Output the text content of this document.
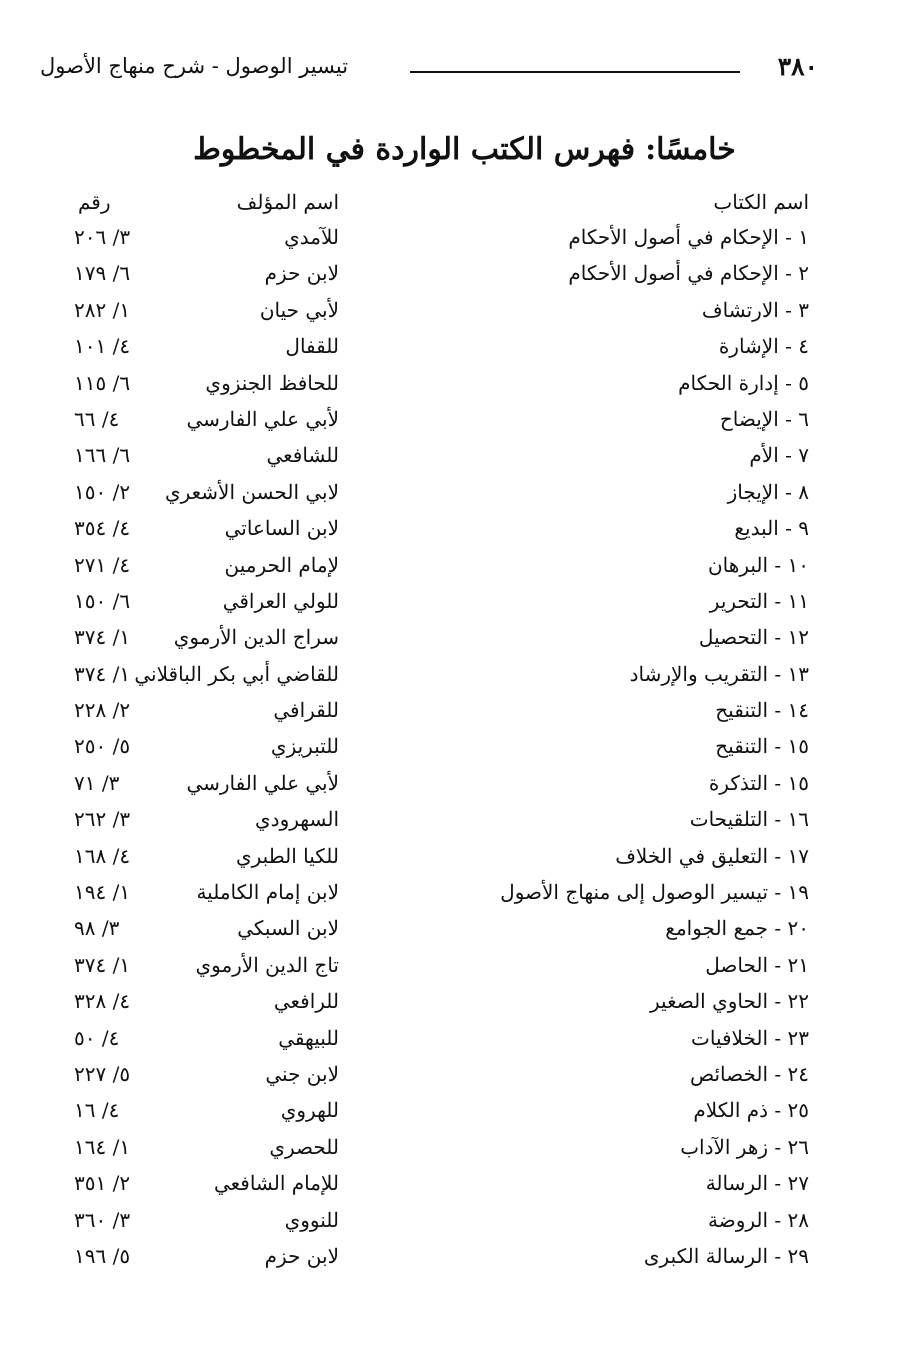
٣٨٠
تيسير الوصول - شرح منهاج الأصول
خامسًا:فهرس الكتب الواردة في المخطوط
اسم الكتاب
اسم المؤلف
رقم
١ - الإحكام في أصول الأحكام
للآمدي
٣/ ٢٠٦
٢ - الإحكام في أصول الأحكام
لابن حزم
٦/ ١٧٩
٣ - الارتشاف
لأبي حيان
١/ ٢٨٢
٤ - الإشارة
للقفال
٤/ ١٠١
٥ - إدارة الحكام
للحافظ الجنزوي
٦/ ١١٥
٦ - الإيضاح
لأبي علي الفارسي
٤/ ٦٦
٧ - الأم
للشافعي
٦/ ١٦٦
٨ - الإيجاز
لابي الحسن الأشعري
٢/ ١٥٠
٩ - البديع
لابن الساعاتي
٤/ ٣٥٤
١٠ - البرهان
لإمام الحرمين
٤/ ٢٧١
١١ - التحرير
للولي العراقي
٦/ ١٥٠
١٢ - التحصيل
سراج الدين الأرموي
١/ ٣٧٤
١٣ - التقريب والإرشاد
للقاضي أبي بكر الباقلاني
١/ ٣٧٤
١٤ - التنقيح
للقرافي
٢/ ٢٢٨
١٥ - التنقيح
للتبريزي
٥/ ٢٥٠
١٥ - التذكرة
لأبي علي الفارسي
٣/ ٧١
١٦ - التلقيحات
السهرودي
٣/ ٢٦٢
١٧ - التعليق في الخلاف
للكيا الطبري
٤/ ١٦٨
١٩ - تيسير الوصول إلى منهاج الأصول
لابن إمام الكاملية
١/ ١٩٤
٢٠ - جمع الجوامع
لابن السبكي
٣/ ٩٨
٢١ - الحاصل
تاج الدين الأرموي
١/ ٣٧٤
٢٢ - الحاوي الصغير
للرافعي
٤/ ٣٢٨
٢٣ - الخلافيات
للبيهقي
٤/ ٥٠
٢٤ - الخصائص
لابن جني
٥/ ٢٢٧
٢٥ - ذم الكلام
للهروي
٤/ ١٦
٢٦ - زهر الآداب
للحصري
١/ ١٦٤
٢٧ - الرسالة
للإمام الشافعي
٢/ ٣٥١
٢٨ - الروضة
للنووي
٣/ ٣٦٠
٢٩ - الرسالة الكبرى
لابن حزم
٥/ ١٩٦
